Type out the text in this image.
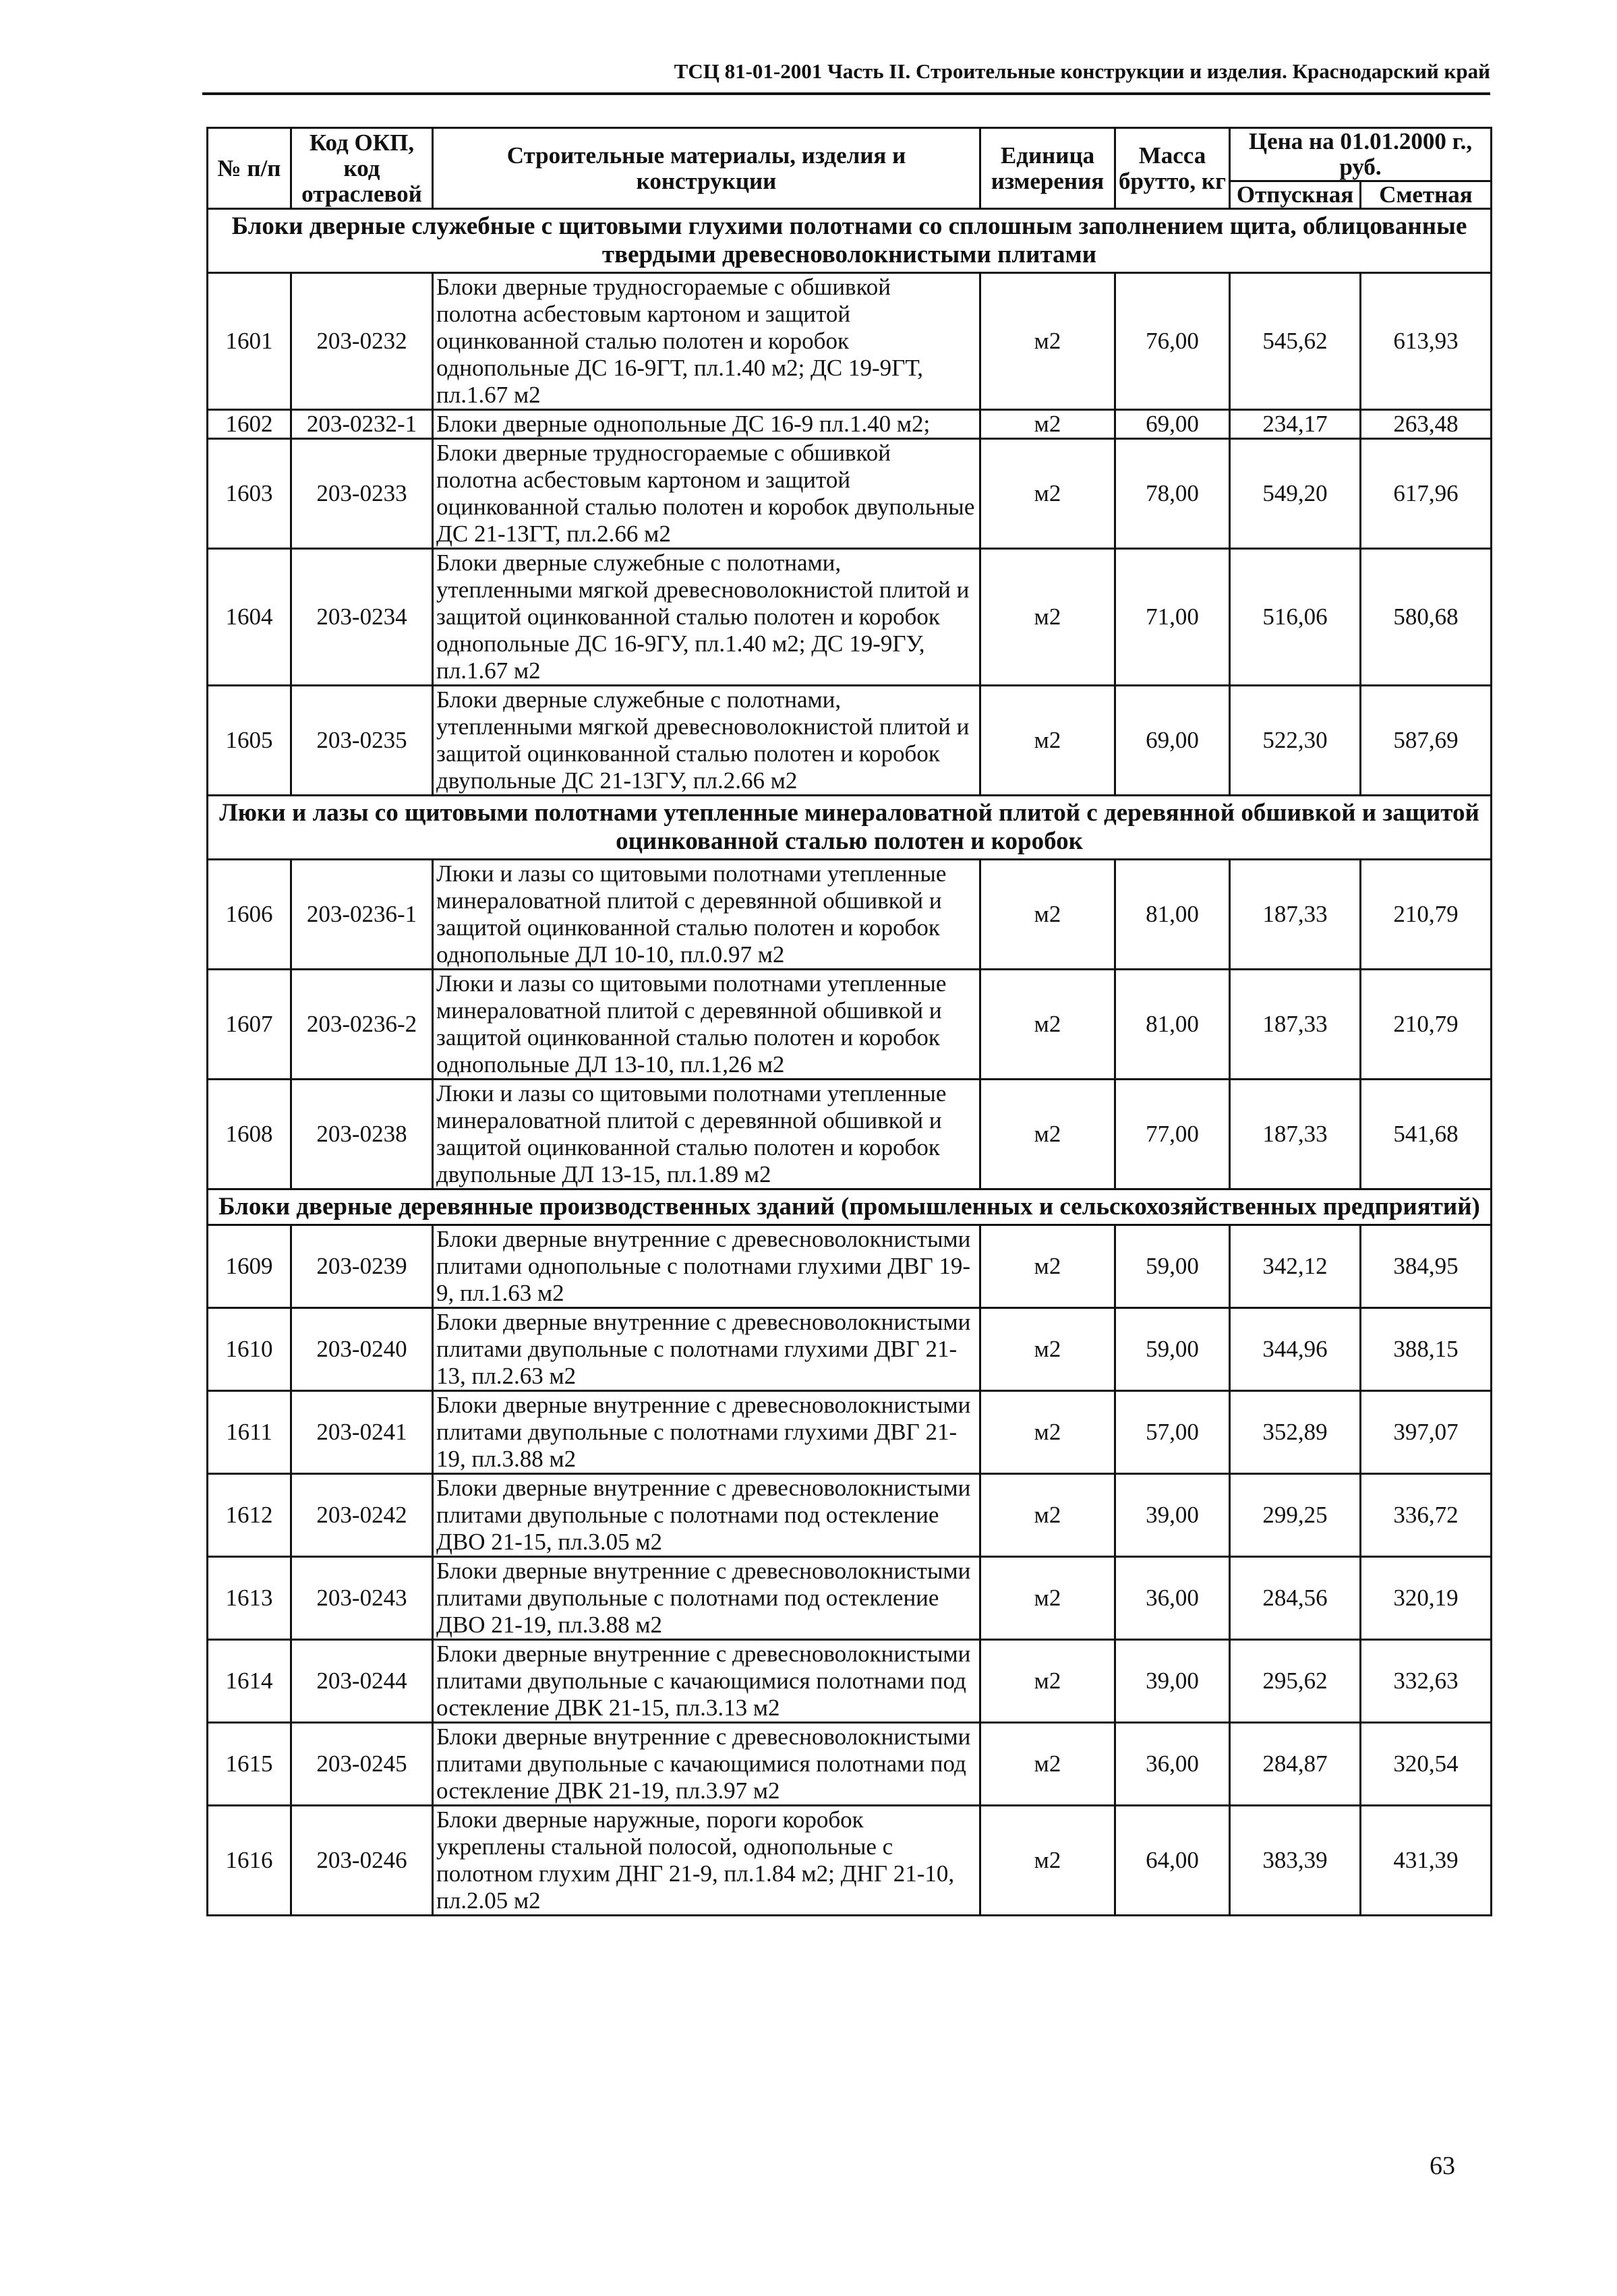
ТСЦ 81-01-2001 Часть II. Строительные конструкции и изделия. Краснодарский край
№ п/п	Код ОКП, код отраслевой	Строительные материалы, изделия и конструкции	Единица измерения	Масса брутто, кг	Цена на 01.01.2000 г., руб.	
					Отпускная	Сметная
Блоки дверные служебные с щитовыми глухими полотнами со сплошным заполнением щита, облицованные твердыми древесноволокнистыми плитами						
1601	203-0232	Блоки дверные трудносгораемые с обшивкой полотна асбестовым картоном и защитой оцинкованной сталью полотен и коробок однопольные ДС 16-9ГТ, пл.1.40 м2; ДС 19-9ГТ, пл.1.67 м2	м2	76,00	545,62	613,93
1602	203-0232-1	Блоки дверные однопольные ДС 16-9 пл.1.40 м2;	м2	69,00	234,17	263,48
1603	203-0233	Блоки дверные трудносгораемые с обшивкой полотна асбестовым картоном и защитой оцинкованной сталью полотен и коробок двупольные ДС 21-13ГТ, пл.2.66 м2	м2	78,00	549,20	617,96
1604	203-0234	Блоки дверные служебные с полотнами, утепленными мягкой древесноволокнистой плитой и защитой оцинкованной сталью полотен и коробок однопольные ДС 16-9ГУ, пл.1.40 м2; ДС 19-9ГУ, пл.1.67 м2	м2	71,00	516,06	580,68
1605	203-0235	Блоки дверные служебные с полотнами, утепленными мягкой древесноволокнистой плитой и защитой оцинкованной сталью полотен и коробок двупольные ДС 21-13ГУ, пл.2.66 м2	м2	69,00	522,30	587,69
Люки и лазы со щитовыми полотнами утепленные минераловатной плитой с деревянной обшивкой и защитой оцинкованной сталью полотен и коробок						
1606	203-0236-1	Люки и лазы со щитовыми полотнами утепленные минераловатной плитой с деревянной обшивкой и защитой оцинкованной сталью полотен и коробок однопольные ДЛ 10-10, пл.0.97 м2	м2	81,00	187,33	210,79
1607	203-0236-2	Люки и лазы со щитовыми полотнами утепленные минераловатной плитой с деревянной обшивкой и защитой оцинкованной сталью полотен и коробок однопольные ДЛ 13-10, пл.1,26 м2	м2	81,00	187,33	210,79
1608	203-0238	Люки и лазы со щитовыми полотнами утепленные минераловатной плитой с деревянной обшивкой и защитой оцинкованной сталью полотен и коробок двупольные ДЛ 13-15, пл.1.89 м2	м2	77,00	187,33	541,68
Блоки дверные деревянные производственных зданий (промышленных и сельскохозяйственных предприятий)						
1609	203-0239	Блоки дверные внутренние с древесноволокнистыми плитами однопольные с полотнами глухими ДВГ 19-9, пл.1.63 м2	м2	59,00	342,12	384,95
1610	203-0240	Блоки дверные внутренние с древесноволокнистыми плитами двупольные с полотнами глухими ДВГ 21-13, пл.2.63 м2	м2	59,00	344,96	388,15
1611	203-0241	Блоки дверные внутренние с древесноволокнистыми плитами двупольные с полотнами глухими ДВГ 21-19, пл.3.88 м2	м2	57,00	352,89	397,07
1612	203-0242	Блоки дверные внутренние с древесноволокнистыми плитами двупольные с полотнами под остекление ДВО 21-15, пл.3.05 м2	м2	39,00	299,25	336,72
1613	203-0243	Блоки дверные внутренние с древесноволокнистыми плитами двупольные с полотнами под остекление ДВО 21-19, пл.3.88 м2	м2	36,00	284,56	320,19
1614	203-0244	Блоки дверные внутренние с древесноволокнистыми плитами двупольные с качающимися полотнами под остекление ДВК 21-15, пл.3.13 м2	м2	39,00	295,62	332,63
1615	203-0245	Блоки дверные внутренние с древесноволокнистыми плитами двупольные с качающимися полотнами под остекление ДВК 21-19, пл.3.97 м2	м2	36,00	284,87	320,54
1616	203-0246	Блоки дверные наружные, пороги коробок укреплены стальной полосой, однопольные с полотном глухим ДНГ 21-9, пл.1.84 м2; ДНГ 21-10, пл.2.05 м2	м2	64,00	383,39	431,39
63
